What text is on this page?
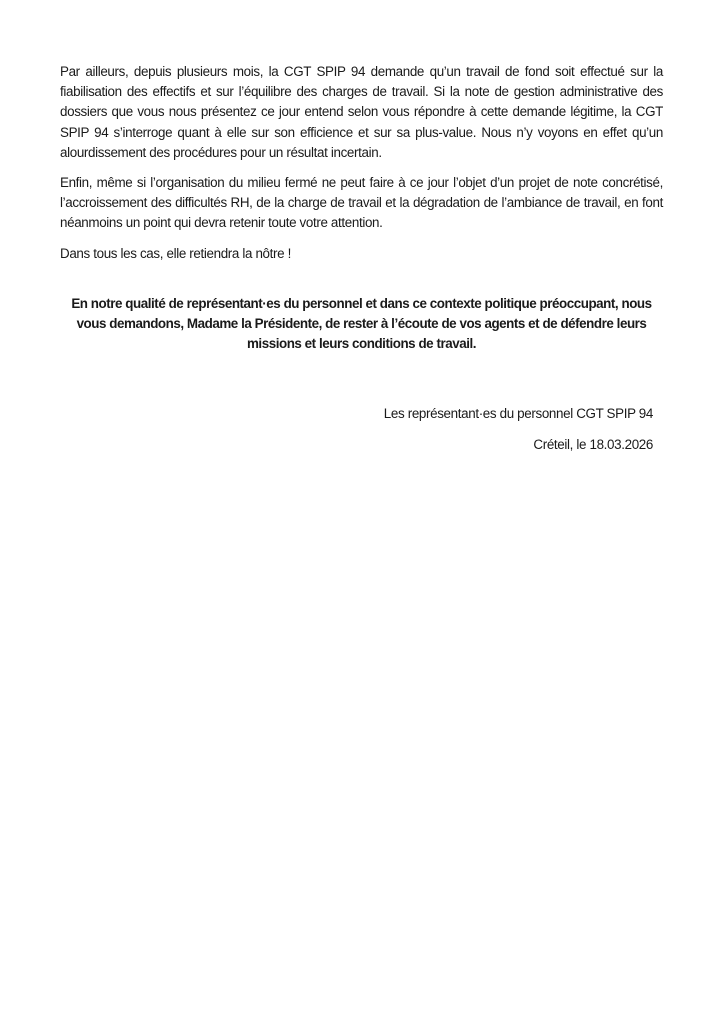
Par ailleurs, depuis plusieurs mois, la CGT SPIP 94 demande qu’un travail de fond soit effectué sur la fiabilisation des effectifs et sur l’équilibre des charges de travail. Si la note de gestion administrative des dossiers que vous nous présentez ce jour entend selon vous répondre à cette demande légitime, la CGT SPIP 94 s’interroge quant à elle sur son efficience et sur sa plus-value. Nous n’y voyons en effet qu’un alourdissement des procédures pour un résultat incertain.

Enfin, même si l’organisation du milieu fermé ne peut faire à ce jour l’objet d’un projet de note concrétisé, l’accroissement des difficultés RH, de la charge de travail et la dégradation de l’ambiance de travail, en font néanmoins un point qui devra retenir toute votre attention.

Dans tous les cas, elle retiendra la nôtre !

En notre qualité de représentant·es du personnel et dans ce contexte politique préoccupant, nous vous demandons, Madame la Présidente, de rester à l’écoute de vos agents et de défendre leurs missions et leurs conditions de travail.

Les représentant·es du personnel CGT SPIP 94
Créteil, le 18.03.2026
